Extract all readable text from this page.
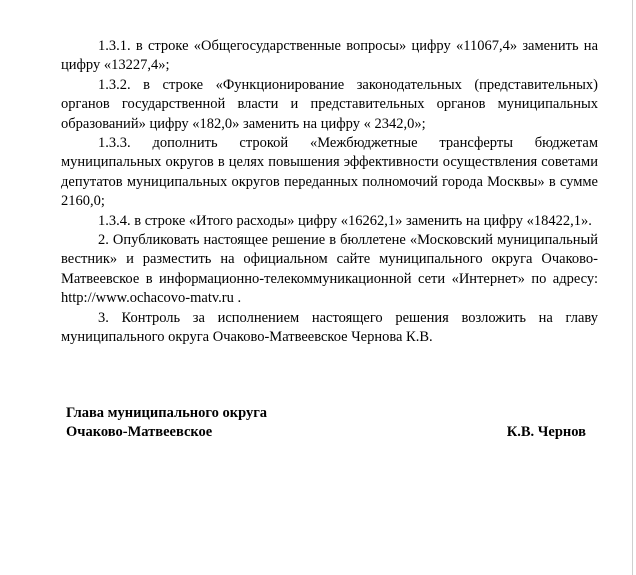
1.3.1. в строке «Общегосударственные вопросы» цифру «11067,4» заменить на цифру «13227,4»;

1.3.2. в строке «Функционирование законодательных (представительных) органов государственной власти и представительных органов муниципальных образований» цифру «182,0» заменить на цифру « 2342,0»;

1.3.3. дополнить строкой «Межбюджетные трансферты бюджетам муниципальных округов в целях повышения эффективности осуществления советами депутатов муниципальных округов переданных полномочий города Москвы» в сумме 2160,0;

1.3.4. в строке «Итого расходы» цифру «16262,1» заменить на цифру «18422,1».

2. Опубликовать настоящее решение в бюллетене «Московский муниципальный вестник» и разместить на официальном сайте муниципального округа Очаково-Матвеевское в информационно-телекоммуникационной сети «Интернет» по адресу: http://www.ochacovo-matv.ru .

3. Контроль за исполнением настоящего решения возложить на главу муниципального округа Очаково-Матвеевское Чернова К.В.

Глава муниципального округа
Очаково-Матвеевское	К.В. Чернов
